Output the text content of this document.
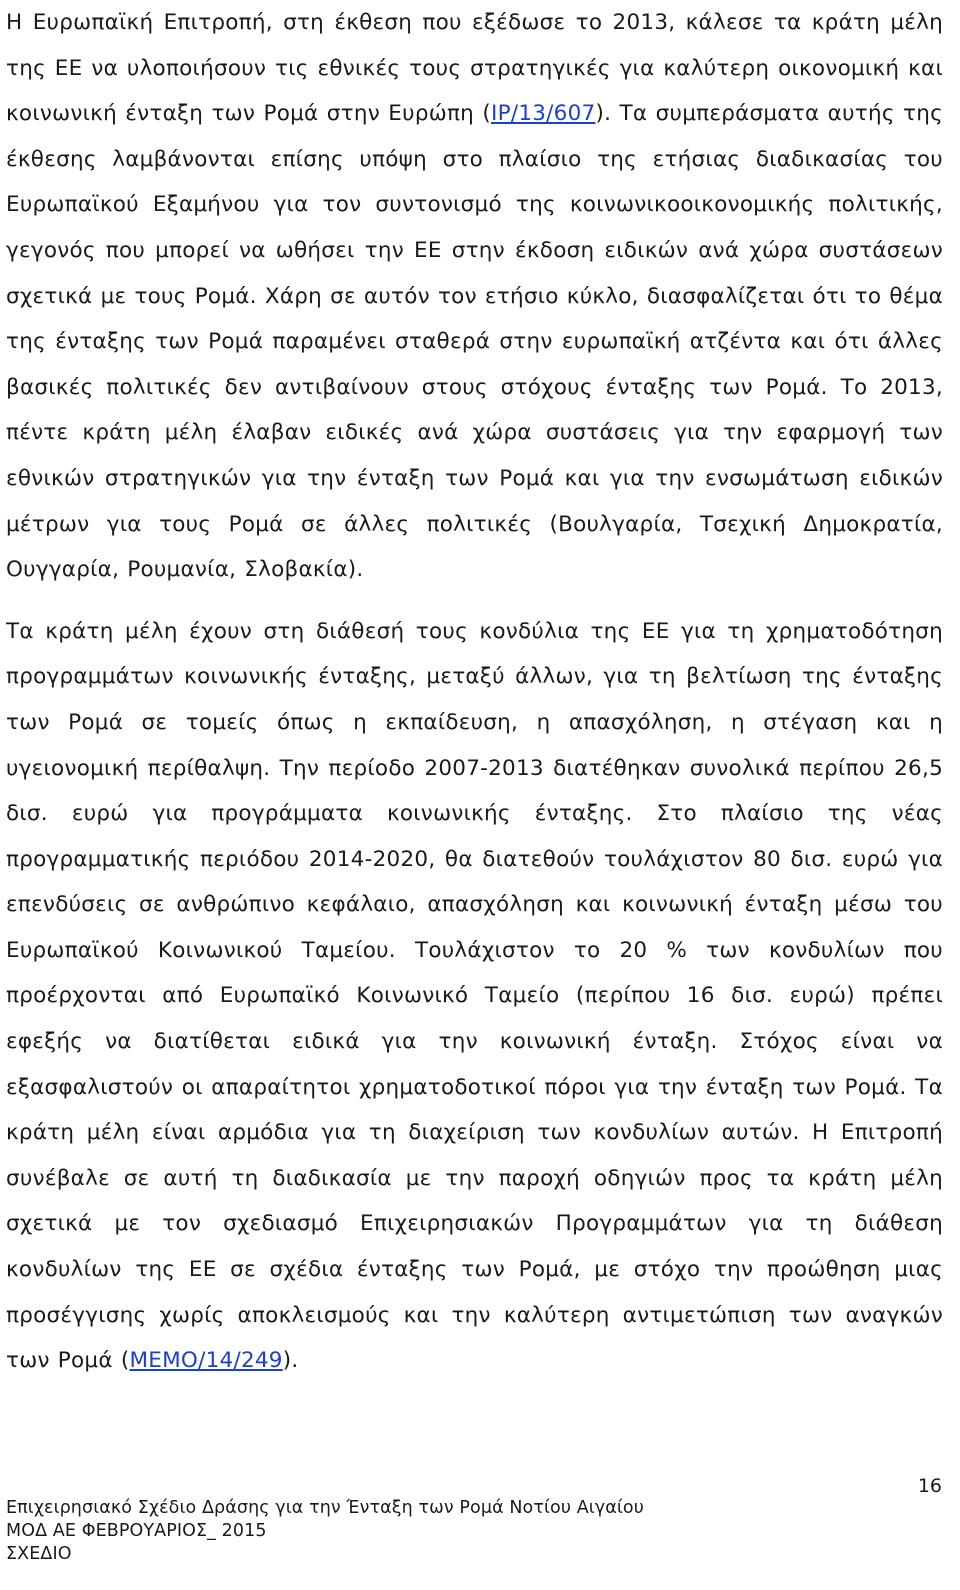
Η Ευρωπαϊκή Επιτροπή, στη έκθεση που εξέδωσε το 2013, κάλεσε τα κράτη μέλη της ΕΕ να υλοποιήσουν τις εθνικές τους στρατηγικές για καλύτερη οικονομική και κοινωνική ένταξη των Ρομά στην Ευρώπη (IP/13/607). Τα συμπεράσματα αυτής της έκθεσης λαμβάνονται επίσης υπόψη στο πλαίσιο της ετήσιας διαδικασίας του Ευρωπαϊκού Εξαμήνου για τον συντονισμό της κοινωνικοοικονομικής πολιτικής, γεγονός που μπορεί να ωθήσει την ΕΕ στην έκδοση ειδικών ανά χώρα συστάσεων σχετικά με τους Ρομά. Χάρη σε αυτόν τον ετήσιο κύκλο, διασφαλίζεται ότι το θέμα της ένταξης των Ρομά παραμένει σταθερά στην ευρωπαϊκή ατζέντα και ότι άλλες βασικές πολιτικές δεν αντιβαίνουν στους στόχους ένταξης των Ρομά. Το 2013, πέντε κράτη μέλη έλαβαν ειδικές ανά χώρα συστάσεις για την εφαρμογή των εθνικών στρατηγικών για την ένταξη των Ρομά και για την ενσωμάτωση ειδικών μέτρων για τους Ρομά σε άλλες πολιτικές (Βουλγαρία, Τσεχική Δημοκρατία, Ουγγαρία, Ρουμανία, Σλοβακία).

Τα κράτη μέλη έχουν στη διάθεσή τους κονδύλια της ΕΕ για τη χρηματοδότηση προγραμμάτων κοινωνικής ένταξης, μεταξύ άλλων, για τη βελτίωση της ένταξης των Ρομά σε τομείς όπως η εκπαίδευση, η απασχόληση, η στέγαση και η υγειονομική περίθαλψη. Την περίοδο 2007-2013 διατέθηκαν συνολικά περίπου 26,5 δισ. ευρώ για προγράμματα κοινωνικής ένταξης. Στο πλαίσιο της νέας προγραμματικής περιόδου 2014-2020, θα διατεθούν τουλάχιστον 80 δισ. ευρώ για επενδύσεις σε ανθρώπινο κεφάλαιο, απασχόληση και κοινωνική ένταξη μέσω του Ευρωπαϊκού Κοινωνικού Ταμείου. Τουλάχιστον το 20 % των κονδυλίων που προέρχονται από Ευρωπαϊκό Κοινωνικό Ταμείο (περίπου 16 δισ. ευρώ) πρέπει εφεξής να διατίθεται ειδικά για την κοινωνική ένταξη. Στόχος είναι να εξασφαλιστούν οι απαραίτητοι χρηματοδοτικοί πόροι για την ένταξη των Ρομά. Τα κράτη μέλη είναι αρμόδια για τη διαχείριση των κονδυλίων αυτών. Η Επιτροπή συνέβαλε σε αυτή τη διαδικασία με την παροχή οδηγιών προς τα κράτη μέλη σχετικά με τον σχεδιασμό Επιχειρησιακών Προγραμμάτων για τη διάθεση κονδυλίων της ΕΕ σε σχέδια ένταξης των Ρομά, με στόχο την προώθηση μιας προσέγγισης χωρίς αποκλεισμούς και την καλύτερη αντιμετώπιση των αναγκών των Ρομά (MEMO/14/249).

16
Επιχειρησιακό Σχέδιο Δράσης για την Ένταξη των Ρομά Νοτίου Αιγαίου
ΜΟΔ ΑΕ ΦΕΒΡΟΥΑΡΙΟΣ_ 2015
ΣΧΕΔΙΟ
